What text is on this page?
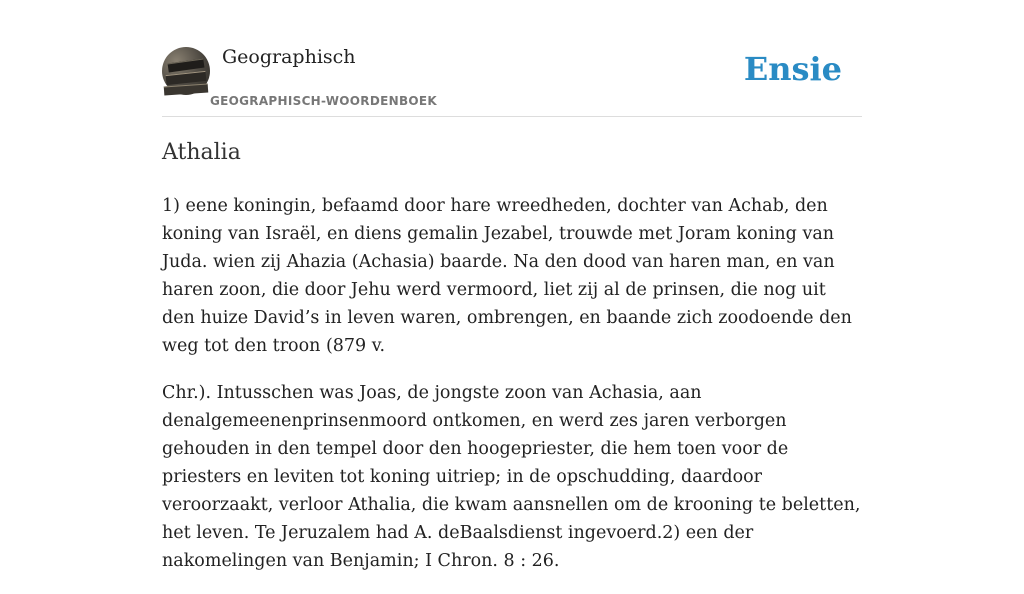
Geographisch
GEOGRAPHISCH-WOORDENBOEK
Ensie
Athalia

1) eene koningin, befaamd door hare wreedheden, dochter van Achab, den koning van Israël, en diens gemalin Jezabel, trouwde met Joram koning van Juda. wien zij Ahazia (Achasia) baarde. Na den dood van haren man, en van haren zoon, die door Jehu werd vermoord, liet zij al de prinsen, die nog uit den huize David’s in leven waren, ombrengen, en baande zich zoodoende den weg tot den troon (879 v.

Chr.). Intusschen was Joas, de jongste zoon van Achasia, aan denalgemeenenprinsenmoord ontkomen, en werd zes jaren verborgen gehouden in den tempel door den hoogepriester, die hem toen voor de priesters en leviten tot koning uitriep; in de opschudding, daardoor veroorzaakt, verloor Athalia, die kwam aansnellen om de krooning te beletten, het leven. Te Jeruzalem had A. deBaalsdienst ingevoerd.2) een der nakomelingen van Benjamin; I Chron. 8 : 26.
